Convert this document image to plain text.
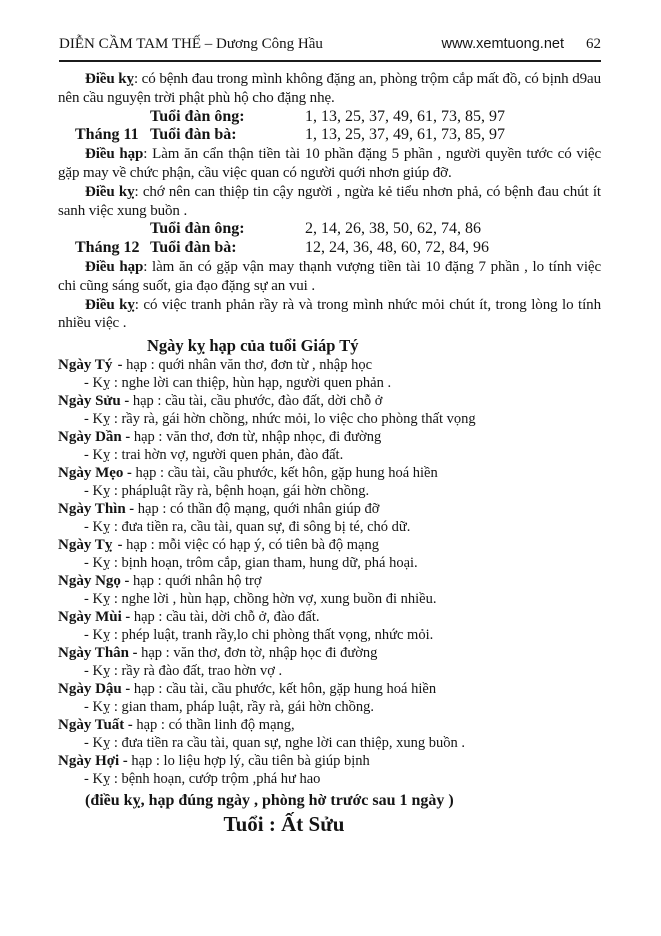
DIỄN CẦM TAM THẾ – Dương Công Hầu	www.xemtuong.net 62

Điều kỵ: có bệnh đau trong mình không đặng an, phòng trộm cắp mất đồ, có bịnh d9au nên cầu nguyện trời phật phù hộ cho đặng nhẹ.

Tuổi đàn ông:	1, 13, 25, 37, 49, 61, 73, 85, 97
Tháng 11 Tuổi đàn bà:	1, 13, 25, 37, 49, 61, 73, 85, 97

Điều hạp: Làm ăn cẩn thận tiền tài 10 phần đặng 5 phần , người quyền tước có việc gặp may về chức phận, cầu việc quan có người quới nhơn giúp đỡ.

Điều kỵ: chớ nên can thiệp tin cậy người , ngừa kẻ tiểu nhơn phả, có bệnh đau chút ít sanh việc xung buồn .

Tuổi đàn ông:	2, 14, 26, 38, 50, 62, 74, 86
Tháng 12 Tuổi đàn bà:	12, 24, 36, 48, 60, 72, 84, 96

Điều hạp: làm ăn có gặp vận may thạnh vượng tiền tài 10 đặng 7 phần , lo tính việc chi cũng sáng suốt, gia đạo đặng sự an vui .

Điều kỵ: có việc tranh phản rầy rà và trong mình nhức mỏi chút ít, trong lòng lo tính nhiều việc .

Ngày kỵ hạp của tuổi Giáp Tý
Ngày Tý - hạp : quới nhân văn thơ, đơn từ , nhập học
- Kỵ : nghe lời can thiệp, hùn hạp, người quen phản .
Ngày Sửu - hạp : cầu tài, cầu phước, đào đất, dời chỗ ở
- Kỵ : rầy rà, gái hờn chồng, nhức mỏi, lo việc cho phòng thất vọng
Ngày Dần - hạp : văn thơ, đơn từ, nhập nhọc, đi đường
- Kỵ : trai hờn vợ, người quen phản, đào đất.
Ngày Mẹo - hạp : cầu tài, cầu phước, kết hôn, gặp hung hoá hiền
- Kỵ : phápluật rầy rà, bệnh hoạn, gái hờn chồng.
Ngày Thìn - hạp : có thần độ mạng, quới nhân giúp đỡ
- Kỵ : đưa tiền ra, cầu tài, quan sự, đi sông bị té, chó dữ.
Ngày Tỵ - hạp : mỗi việc có hạp ý, có tiên bà độ mạng
- Kỵ : bịnh hoạn, trôm cắp, gian tham, hung dữ, phá hoại.
Ngày Ngọ - hạp : quới nhân hộ trợ
- Kỵ : nghe lời , hùn hạp, chồng hờn vợ, xung buồn đi nhiều.
Ngày Mùi - hạp : cầu tài, dời chỗ ở, đào đất.
- Kỵ : phép luật, tranh rầy,lo chi phòng thất vọng, nhức mỏi.
Ngày Thân - hạp : văn thơ, đơn tờ, nhập học đi đường
- Kỵ : rầy rà đào đất, trao hờn vợ .
Ngày Dậu - hạp : cầu tài, cầu phước, kết hôn, gặp hung hoá hiền
- Kỵ : gian tham, pháp luật, rầy rà, gái hờn chồng.
Ngày Tuất - hạp : có thần linh độ mạng,
- Kỵ : đưa tiền ra cầu tài, quan sự, nghe lời can thiệp, xung buồn .
Ngày Hợi - hạp : lo liệu hợp lý, cầu tiên bà giúp bịnh
- Kỵ : bệnh hoạn, cướp trộm ,phá hư hao
(điều kỵ, hạp đúng ngày , phòng hờ trước sau 1 ngày )
Tuổi : Ất Sửu
